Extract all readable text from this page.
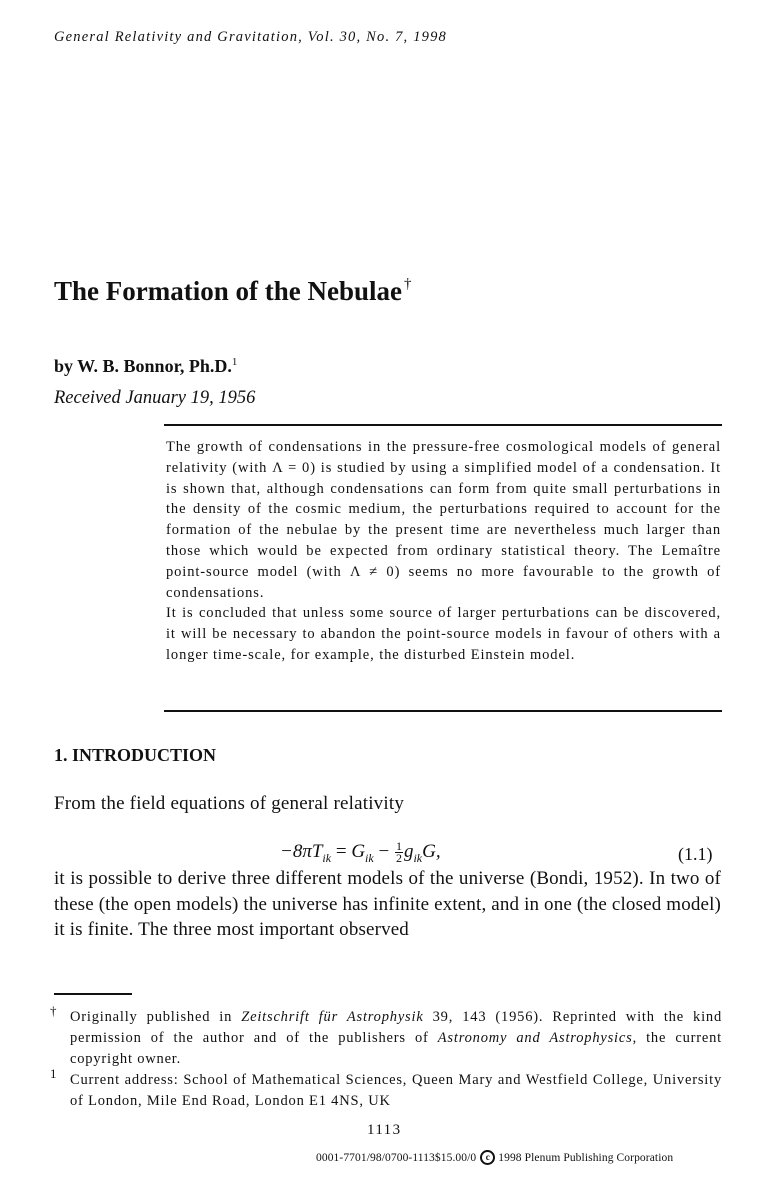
General Relativity and Gravitation, Vol. 30, No. 7, 1998
The Formation of the Nebulae †
by W. B. Bonnor, Ph.D.$^1$
Received January 19, 1956

The growth of condensations in the pressure-free cosmological models of general relativity (with Λ = 0) is studied by using a simplified model of a condensation. It is shown that, although condensations can form from quite small perturbations in the density of the cosmic medium, the perturbations required to account for the formation of the nebulae by the present time are nevertheless much larger than those which would be expected from ordinary statistical theory. The Lemaître point-source model (with Λ ≠ 0) seems no more favourable to the growth of condensations.

It is concluded that unless some source of larger perturbations can be discovered, it will be necessary to abandon the point-source models in favour of others with a longer time-scale, for example, the disturbed Einstein model.

1. INTRODUCTION
From the field equations of general relativity
$-8\pi T_{ik} = G_{ik} - \frac{1}{2} g_{ik}G$,	(1.1)
it is possible to derive three different models of the universe (Bondi, 1952). In two of these (the open models) the universe has infinite extent, and in one (the closed model) it is finite. The three most important observed
† Originally published in Zeitschrift für Astrophysik 39, 143 (1956). Reprinted with the kind permission of the author and of the publishers of Astronomy and Astrophysics, the current copyright owner.
1 Current address: School of Mathematical Sciences, Queen Mary and Westfield College, University of London, Mile End Road, London E1 4NS, UK
1113
0001-7701/98/0700-1113$15.00/0 c 1998 Plenum Publishing Corporation
